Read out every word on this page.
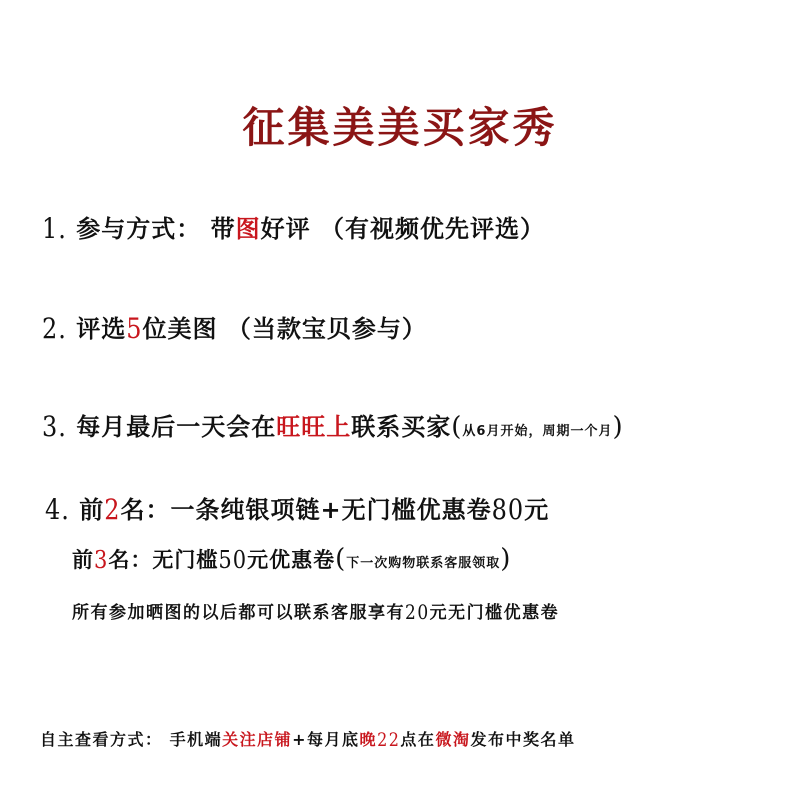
征集美美买家秀
1. 参与方式： 带图好评 （有视频优先评选）
2. 评选5位美图 （当款宝贝参与）
3. 每月最后一天会在旺旺上联系买家(从6月开始，周期一个月)
4. 前2名：一条纯银项链+无门槛优惠卷80元
前3名：无门槛50元优惠卷(下一次购物联系客服领取)
所有参加晒图的以后都可以联系客服享有20元无门槛优惠卷
自主查看方式： 手机端关注店铺+每月底晚22点在微淘发布中奖名单
